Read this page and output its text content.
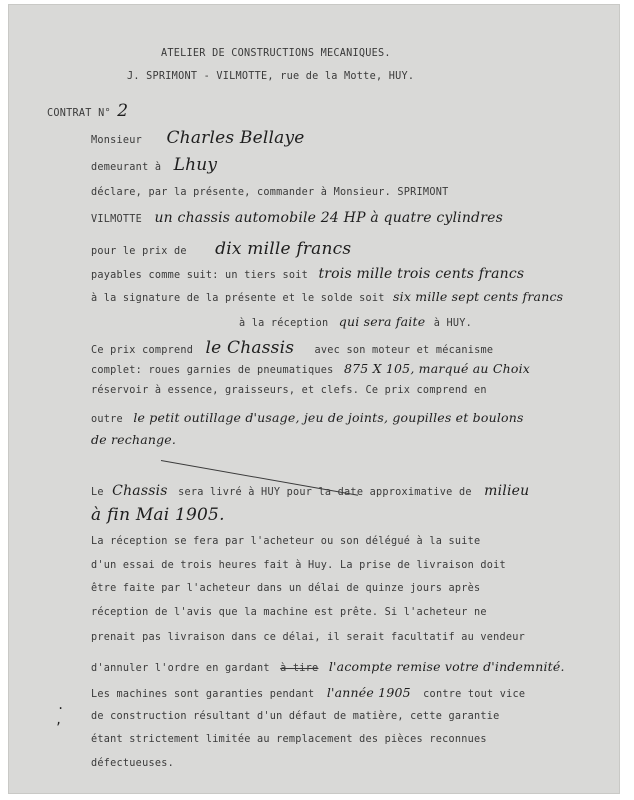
ATELIER DE CONSTRUCTIONS MECANIQUES.
J. SPRIMONT - VILMOTTE, rue de la Motte, HUY.
CONTRAT N° 2
Monsieur Charles Bellaye
demeurant à Lhuy
déclare, par la présente, commander à Monsieur. SPRIMONT
VILMOTTE un chassis automobile 24 HP à quatre cylindres
pour le prix de dix mille francs
payables comme suit: un tiers soit trois mille trois cents francs
à la signature de la présente et le solde soit six mille sept cents francs
à la réception qui sera faite à HUY.
Ce prix comprend le Chassis avec son moteur et mécanisme
complet: roues garnies de pneumatiques 875 X 105, marqué au Choix
réservoir à essence, graisseurs, et clefs. Ce prix comprend en
outre le petit outillage d'usage, jeu de joints, goupilles et boulons
de rechange.
Le Chassis sera livré à HUY pour la date approximative de milieu
à fin Mai 1905.
La réception se fera par l'acheteur ou son délégué à la suite
d'un essai de trois heures fait à Huy. La prise de livraison doit
être faite par l'acheteur dans un délai de quinze jours après
réception de l'avis que la machine est prête. Si l'acheteur ne
prenait pas livraison dans ce délai, il serait facultatif au vendeur
d'annuler l'ordre en gardant à tire l'acompte remise votre d'indemnité.
Les machines sont garanties pendant l'année 1905 contre tout vice
de construction résultant d'un défaut de matière, cette garantie
étant strictement limitée au remplacement des pièces reconnues
défectueuses.
.
,
